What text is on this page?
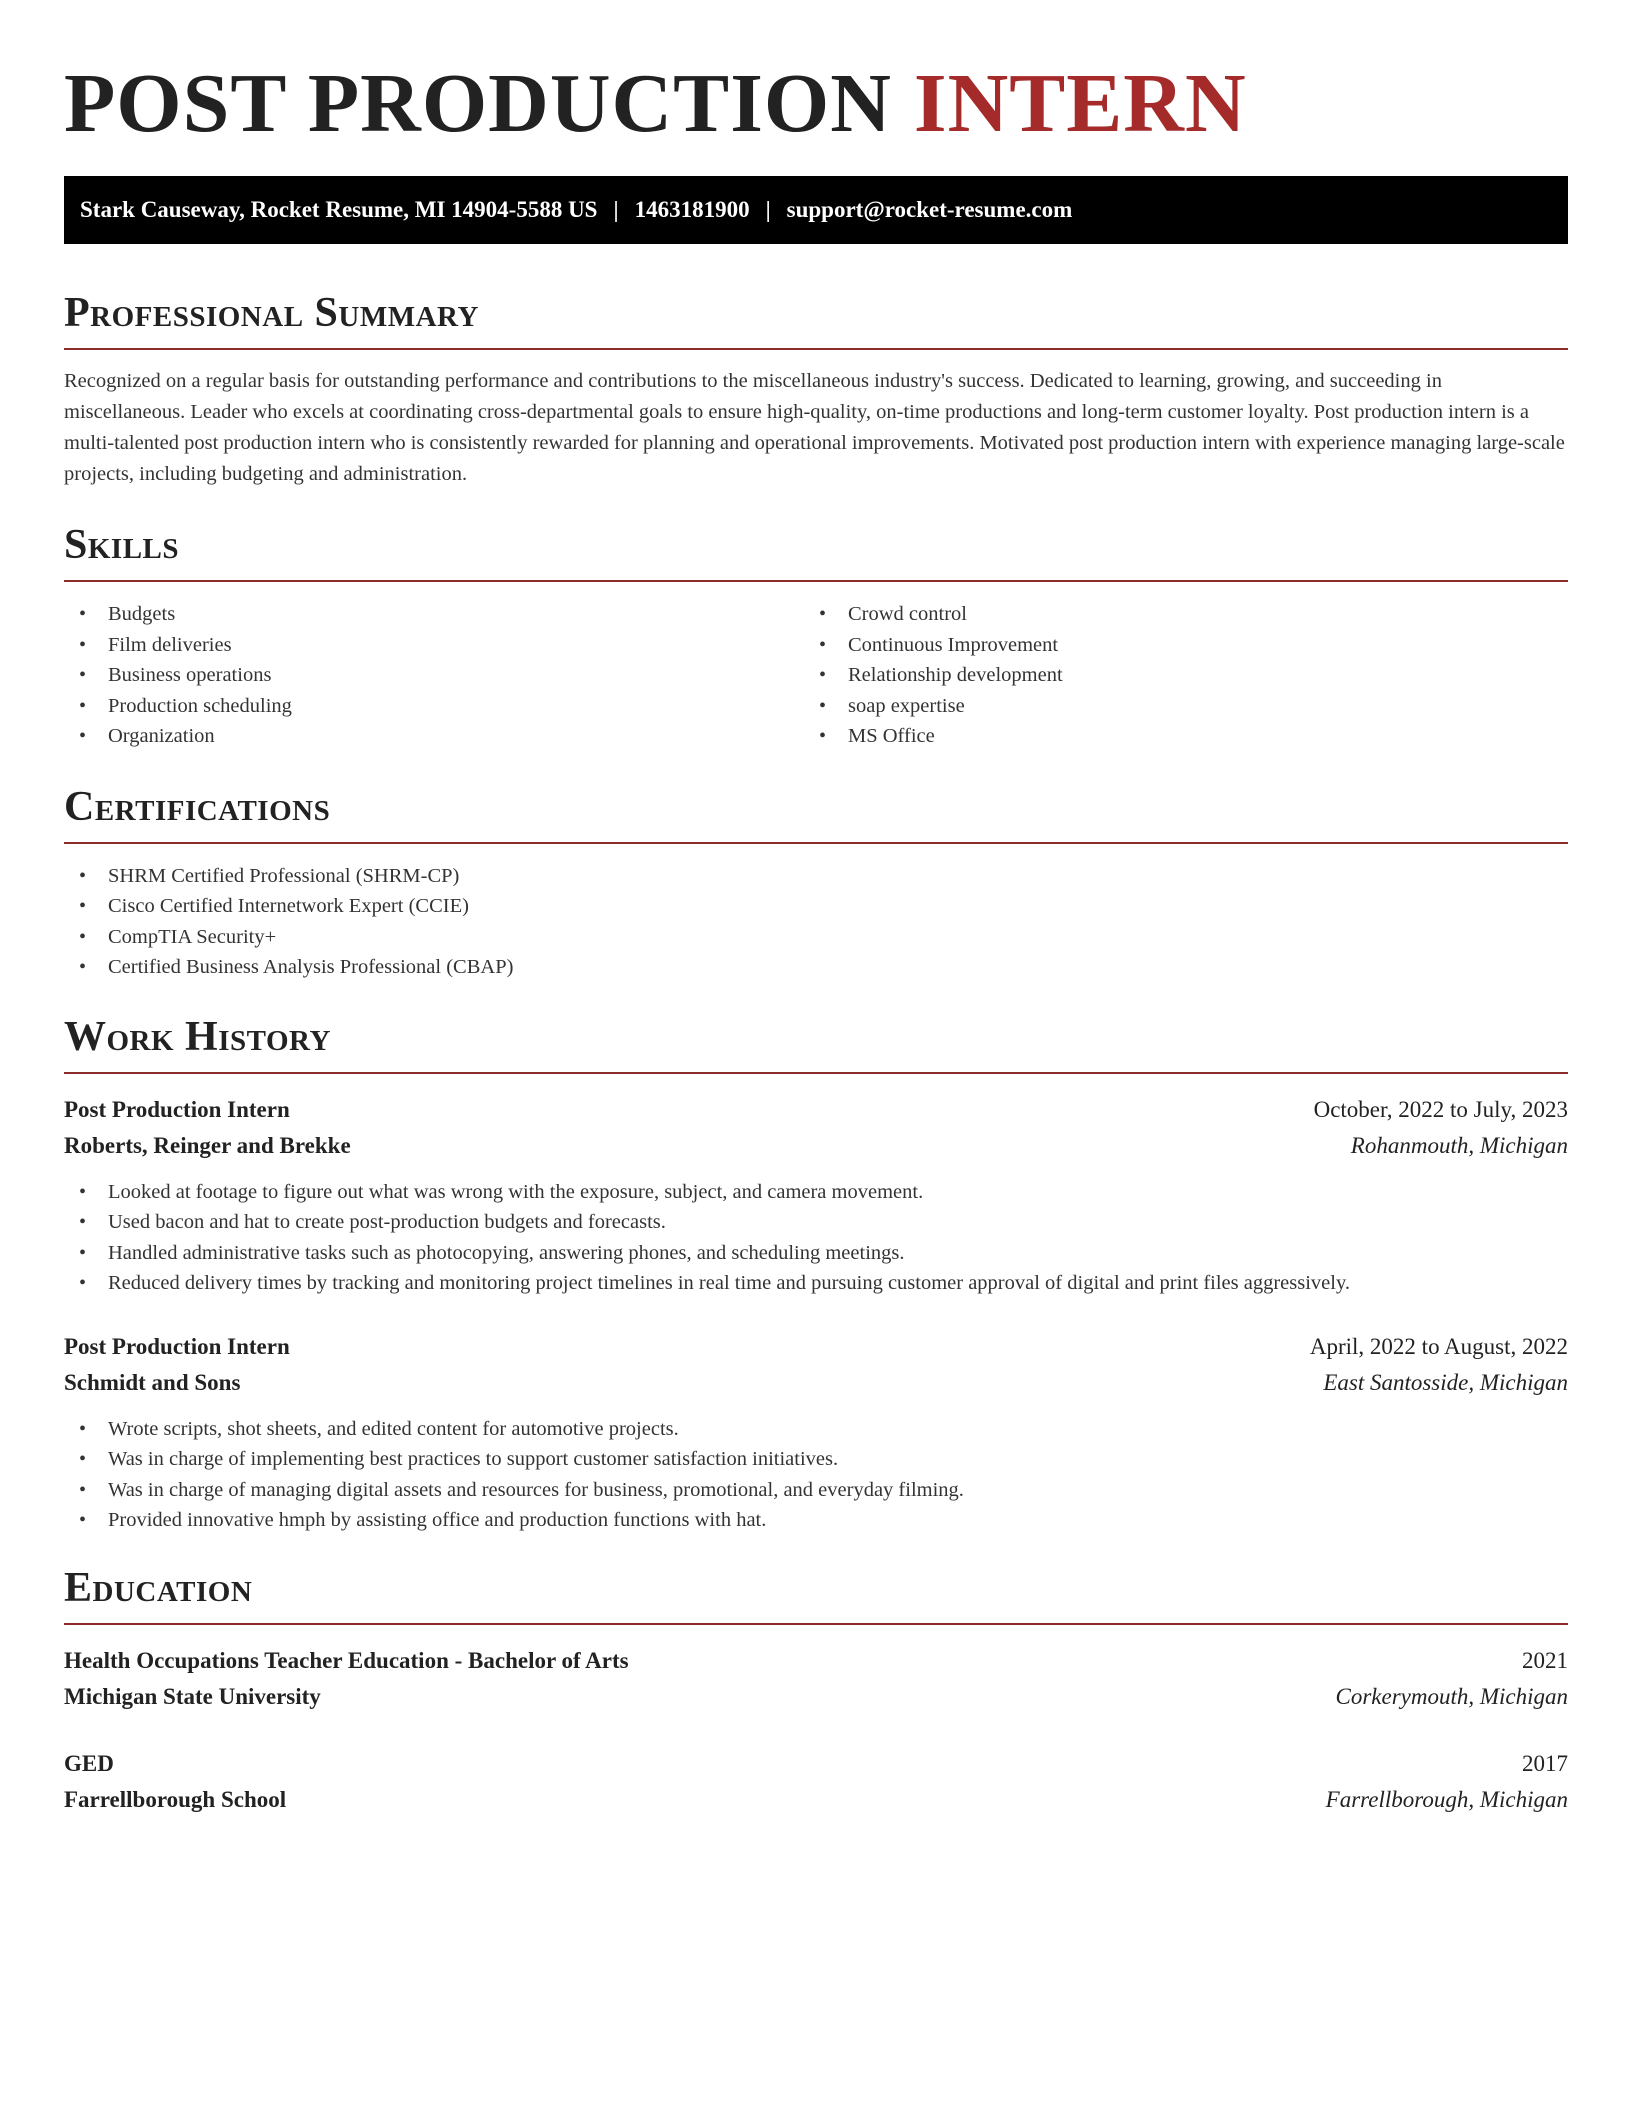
POST PRODUCTION INTERN
Stark Causeway, Rocket Resume, MI 14904-5588 US | 1463181900 | support@rocket-resume.com
Professional Summary

Recognized on a regular basis for outstanding performance and contributions to the miscellaneous industry's success. Dedicated to learning, growing, and succeeding in miscellaneous. Leader who excels at coordinating cross-departmental goals to ensure high-quality, on-time productions and long-term customer loyalty. Post production intern is a multi-talented post production intern who is consistently rewarded for planning and operational improvements. Motivated post production intern with experience managing large-scale projects, including budgeting and administration.

Skills
• Budgets
• Film deliveries
• Business operations
• Production scheduling
• Organization
• Crowd control
• Continuous Improvement
• Relationship development
• soap expertise
• MS Office
Certifications
• SHRM Certified Professional (SHRM-CP)
• Cisco Certified Internetwork Expert (CCIE)
• CompTIA Security+
• Certified Business Analysis Professional (CBAP)
Work History
Post Production Intern	October, 2022 to July, 2023
Roberts, Reinger and Brekke	Rohanmouth, Michigan
• Looked at footage to figure out what was wrong with the exposure, subject, and camera movement.
• Used bacon and hat to create post-production budgets and forecasts.
• Handled administrative tasks such as photocopying, answering phones, and scheduling meetings.
• Reduced delivery times by tracking and monitoring project timelines in real time and pursuing customer approval of digital and print files aggressively.
Post Production Intern	April, 2022 to August, 2022
Schmidt and Sons	East Santosside, Michigan
• Wrote scripts, shot sheets, and edited content for automotive projects.
• Was in charge of implementing best practices to support customer satisfaction initiatives.
• Was in charge of managing digital assets and resources for business, promotional, and everyday filming.
• Provided innovative hmph by assisting office and production functions with hat.
Education
Health Occupations Teacher Education - Bachelor of Arts	2021
Michigan State University	Corkerymouth, Michigan
GED	2017
Farrellborough School	Farrellborough, Michigan
